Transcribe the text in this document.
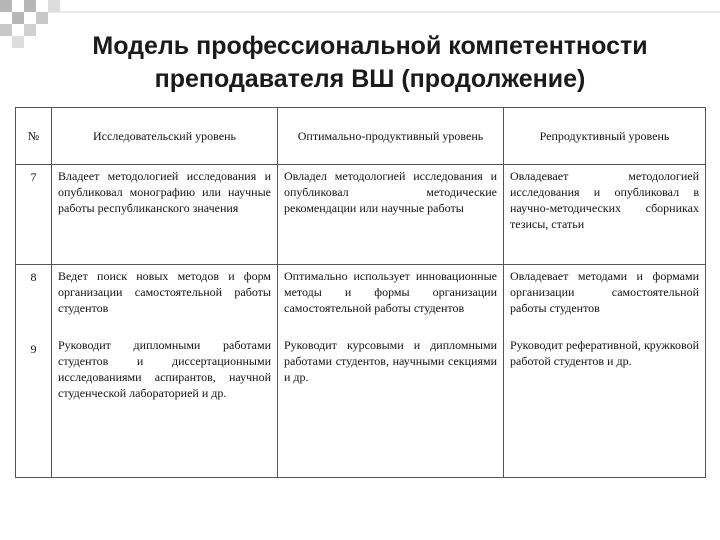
Модель профессиональной компетентности
преподавателя ВШ (продолжение)
№	Исследовательский уровень	Оптимально-продуктивный уровень	Репродуктивный уровень
7	Владеет методологией исследования и опубликовал монографию или научные работы республиканского значения	Овладел методологией исследования и опубликовал методические рекомендации или научные работы	Овладевает методологией исследования и опубликовал в научно-методических сборниках тезисы, статьи
8	Ведет поиск новых методов и форм организации самостоятельной работы студентов	Оптимально использует инновационные методы и формы организации самостоятельной работы студентов	Овладевает методами и формами организации самостоятельной работы студентов
9	Руководит дипломными работами студентов и диссертационными исследованиями аспирантов, научной студенческой лабораторией и др.	Руководит курсовыми и дипломными работами студентов, научными секциями и др.	Руководит реферативной, кружковой работой студентов и др.
